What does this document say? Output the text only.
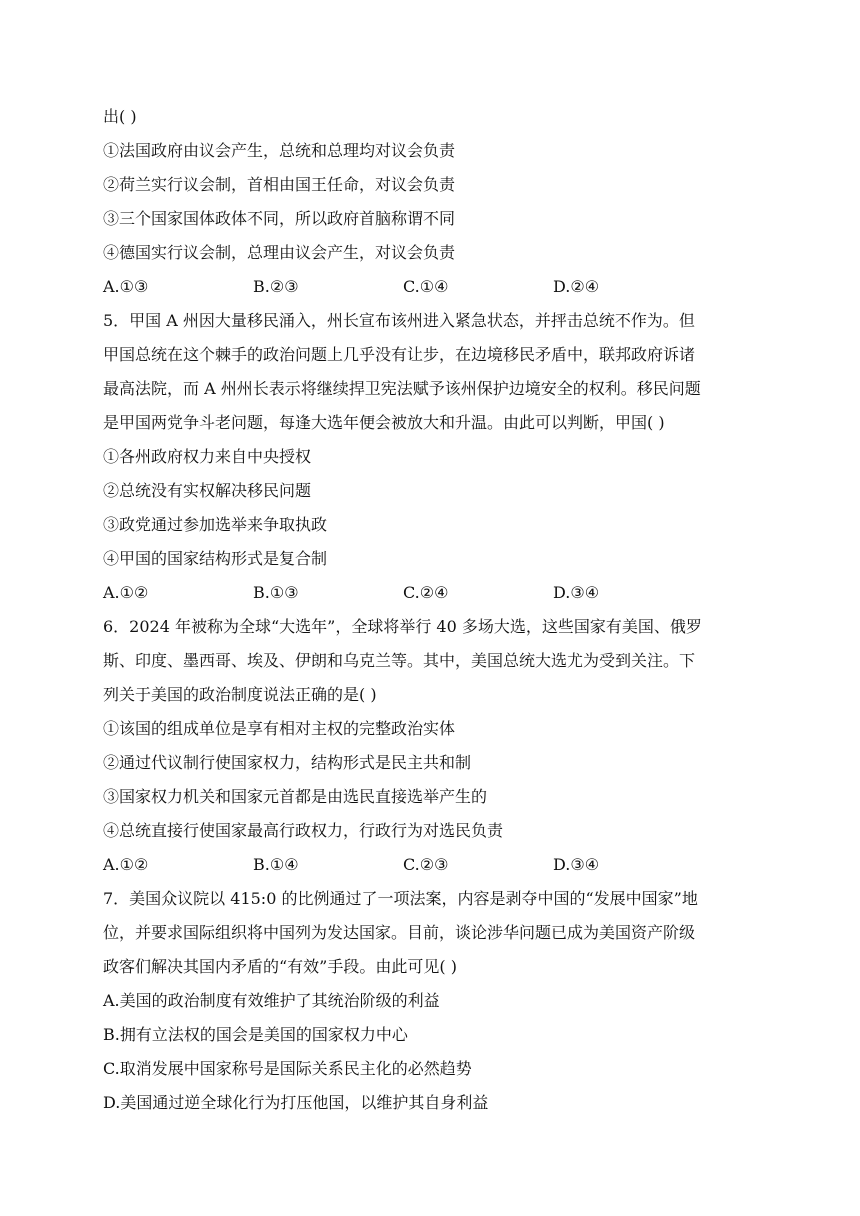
出( )
①法国政府由议会产生，总统和总理均对议会负责
②荷兰实行议会制，首相由国王任命，对议会负责
③三个国家国体政体不同，所以政府首脑称谓不同
④德国实行议会制，总理由议会产生，对议会负责
A.①③	B.②③	C.①④	D.②④
5．甲国 A 州因大量移民涌入，州长宣布该州进入紧急状态，并抨击总统不作为。但
甲国总统在这个棘手的政治问题上几乎没有让步，在边境移民矛盾中，联邦政府诉诸
最高法院，而 A 州州长表示将继续捍卫宪法赋予该州保护边境安全的权利。移民问题
是甲国两党争斗老问题，每逢大选年便会被放大和升温。由此可以判断，甲国( )
①各州政府权力来自中央授权
②总统没有实权解决移民问题
③政党通过参加选举来争取执政
④甲国的国家结构形式是复合制
A.①②	B.①③	C.②④	D.③④
6．2024 年被称为全球“大选年”，全球将举行 40 多场大选，这些国家有美国、俄罗
斯、印度、墨西哥、埃及、伊朗和乌克兰等。其中，美国总统大选尤为受到关注。下
列关于美国的政治制度说法正确的是( )
①该国的组成单位是享有相对主权的完整政治实体
②通过代议制行使国家权力，结构形式是民主共和制
③国家权力机关和国家元首都是由选民直接选举产生的
④总统直接行使国家最高行政权力，行政行为对选民负责
A.①②	B.①④	C.②③	D.③④
7．美国众议院以 415:0 的比例通过了一项法案，内容是剥夺中国的“发展中国家”地
位，并要求国际组织将中国列为发达国家。目前，谈论涉华问题已成为美国资产阶级
政客们解决其国内矛盾的“有效”手段。由此可见( )
A.美国的政治制度有效维护了其统治阶级的利益
B.拥有立法权的国会是美国的国家权力中心
C.取消发展中国家称号是国际关系民主化的必然趋势
D.美国通过逆全球化行为打压他国，以维护其自身利益
